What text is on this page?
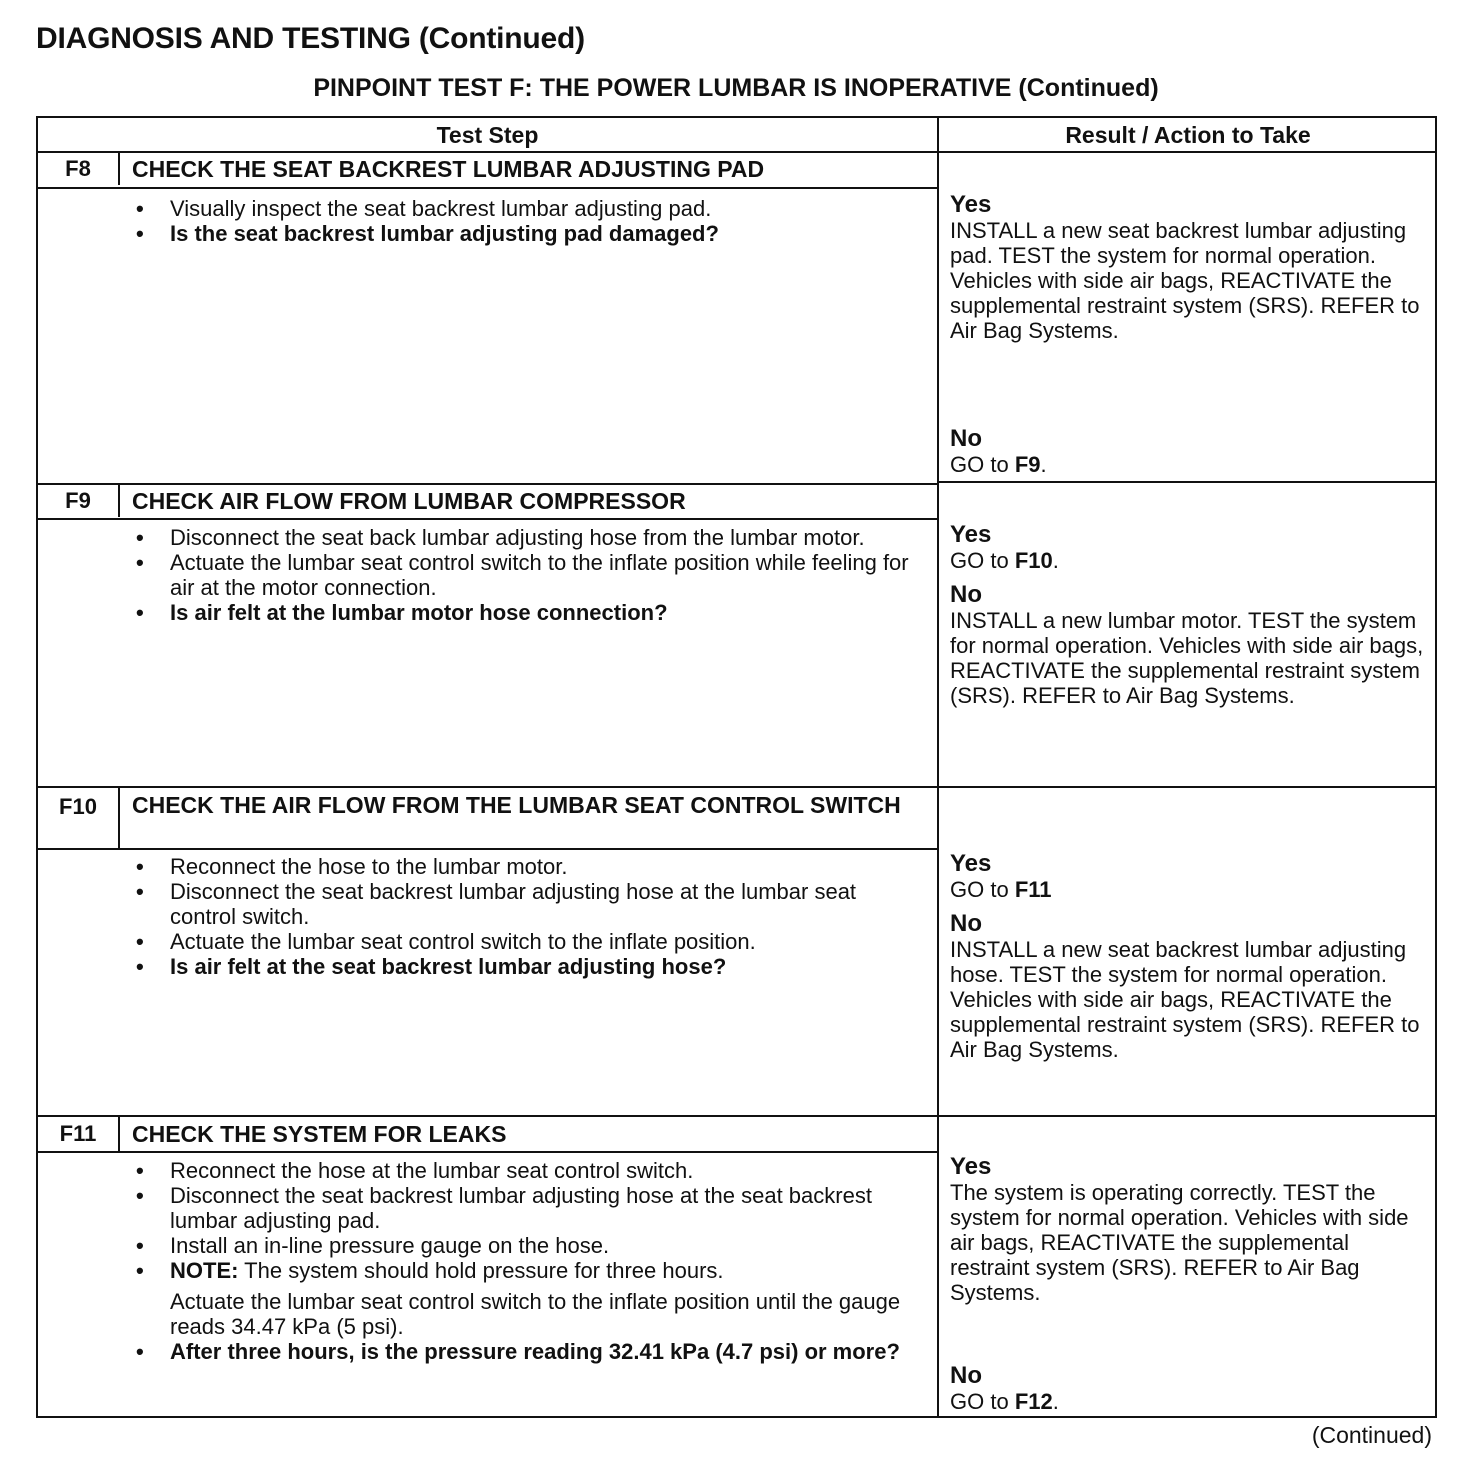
DIAGNOSIS AND TESTING (Continued)
PINPOINT TEST F: THE POWER LUMBAR IS INOPERATIVE (Continued)
Test Step	Result / Action to Take
F8	CHECK THE SEAT BACKREST LUMBAR ADJUSTING PAD
• Visually inspect the seat backrest lumbar adjusting pad.
• Is the seat backrest lumbar adjusting pad damaged?
Yes
INSTALL a new seat backrest lumbar adjusting pad. TEST the system for normal operation. Vehicles with side air bags, REACTIVATE the supplemental restraint system (SRS). REFER to Air Bag Systems.
No
GO to F9.
F9	CHECK AIR FLOW FROM LUMBAR COMPRESSOR
• Disconnect the seat back lumbar adjusting hose from the lumbar motor.
• Actuate the lumbar seat control switch to the inflate position while feeling for air at the motor connection.
• Is air felt at the lumbar motor hose connection?
Yes
GO to F10.
No
INSTALL a new lumbar motor. TEST the system for normal operation. Vehicles with side air bags, REACTIVATE the supplemental restraint system (SRS). REFER to Air Bag Systems.
F10	CHECK THE AIR FLOW FROM THE LUMBAR SEAT CONTROL SWITCH
• Reconnect the hose to the lumbar motor.
• Disconnect the seat backrest lumbar adjusting hose at the lumbar seat control switch.
• Actuate the lumbar seat control switch to the inflate position.
• Is air felt at the seat backrest lumbar adjusting hose?
Yes
GO to F11
No
INSTALL a new seat backrest lumbar adjusting hose. TEST the system for normal operation. Vehicles with side air bags, REACTIVATE the supplemental restraint system (SRS). REFER to Air Bag Systems.
F11	CHECK THE SYSTEM FOR LEAKS
• Reconnect the hose at the lumbar seat control switch.
• Disconnect the seat backrest lumbar adjusting hose at the seat backrest lumbar adjusting pad.
• Install an in-line pressure gauge on the hose.
• NOTE: The system should hold pressure for three hours.
Actuate the lumbar seat control switch to the inflate position until the gauge reads 34.47 kPa (5 psi).
• After three hours, is the pressure reading 32.41 kPa (4.7 psi) or more?
Yes
The system is operating correctly. TEST the system for normal operation. Vehicles with side air bags, REACTIVATE the supplemental restraint system (SRS). REFER to Air Bag Systems.
No
GO to F12.
(Continued)
